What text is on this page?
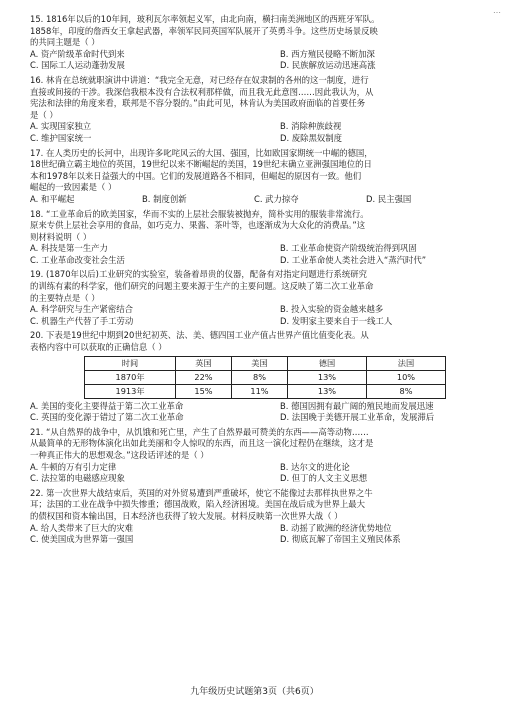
…
15. 1816年以后的10年间，玻利瓦尔率领起义军，由北向南，横扫南美洲地区的西班牙军队。
1858年，印度的詹西女王拿起武器，率领军民同英国军队展开了英勇斗争。这些历史场景反映
的共同主题是（ ）
A. 资产阶级革命时代到来	B. 西方殖民侵略不断加深
C. 国际工人运动蓬勃发展	D. 民族解放运动迅速高涨
16. 林肯在总统就职演讲中讲道：“我完全无意，对已经存在奴隶制的各州的这一制度，进行
直接或间接的干涉。我深信我根本没有合法权利那样做，而且我无此意图……因此我认为，从
宪法和法律的角度来看，联邦是不容分裂的。”由此可见，林肯认为美国政府面临的首要任务
是（ ）
A. 实现国家独立	B. 消除种族歧视
C. 维护国家统一	D. 废除黑奴制度
17. 在人类历史的长河中，出现许多叱咤风云的大国、强国，比如欧国家期统一中崛的德国，
18世纪确立霸主地位的英国，19世纪以来不断崛起的美国，19世纪末确立亚洲强国地位的日
本和1978年以来日益强大的中国。它们的发展道路各不相同，但崛起的原因有一致。他们
崛起的一致因素是（ ）
A. 和平崛起	B. 制度创新	C. 武力掠夺	D. 民主强国
18. “工业革命后的欧美国家，华而不实的上层社会服装被抛弃，简朴实用的服装非常流行。
原来专供上层社会享用的食品，如巧克力、果酱、茶叶等，也逐渐成为大众化的消费品。”这
则材料说明（ ）
A. 科技是第一生产力	B. 工业革命使资产阶级统治得到巩固
C. 工业革命改变社会生活	D. 工业革命使人类社会进入“蒸汽时代”
19. (1870年以后)工业研究的实验室，装备着昂贵的仪器，配备有对指定问题进行系统研究
的训练有素的科学家，他们研究的问题主要来源于生产的主要问题。这反映了第二次工业革命
的主要特点是（ ）
A. 科学研究与生产紧密结合	B. 投入实验的资金越来越多
C. 机器生产代替了手工劳动	D. 发明家主要来自于一线工人
20. 下表是19世纪中期到20世纪初英、法、美、德四国工业产值占世界产值比值变化表。从
表格内容中可以获取的正确信息（ ）
时间	英国	美国	德国	法国
1870年	22%	8%	13%	10%
1913年	15%	11%	13%	8%
A. 美国的变化主要得益于第二次工业革命	B. 德国因拥有最广阔的殖民地而发展迅速
C. 英国的变化源于错过了第二次工业革命	D. 法国晚于美德开展工业革命，发展滞后
21. “从自然界的战争中，从饥饿和死亡里，产生了自然界最可赞美的东西——高等动物……
从最简单的无形物体演化出如此美丽和令人惊叹的东西，而且这一演化过程仍在继续，这才是
一种真正伟大的思想观念。”这段话评述的是（ ）
A. 牛顿的万有引力定律	B. 达尔文的进化论
C. 法拉第的电磁感应现象	D. 但丁的人文主义思想
22. 第一次世界大战结束后，英国的对外贸易遭到严重破坏，使它不能像过去那样执世界之牛
耳；法国的工业在战争中损失惨重；德国战败，陷入经济困境。美国在战后成为世界上最大
的债权国和资本输出国，日本经济也获得了较大发展。材料反映第一次世界大战（ ）
A. 给人类带来了巨大的灾难	B. 动摇了欧洲的经济优势地位
C. 使美国成为世界第一强国	D. 彻底瓦解了帝国主义殖民体系
九年级历史试题第3页（共6页）
